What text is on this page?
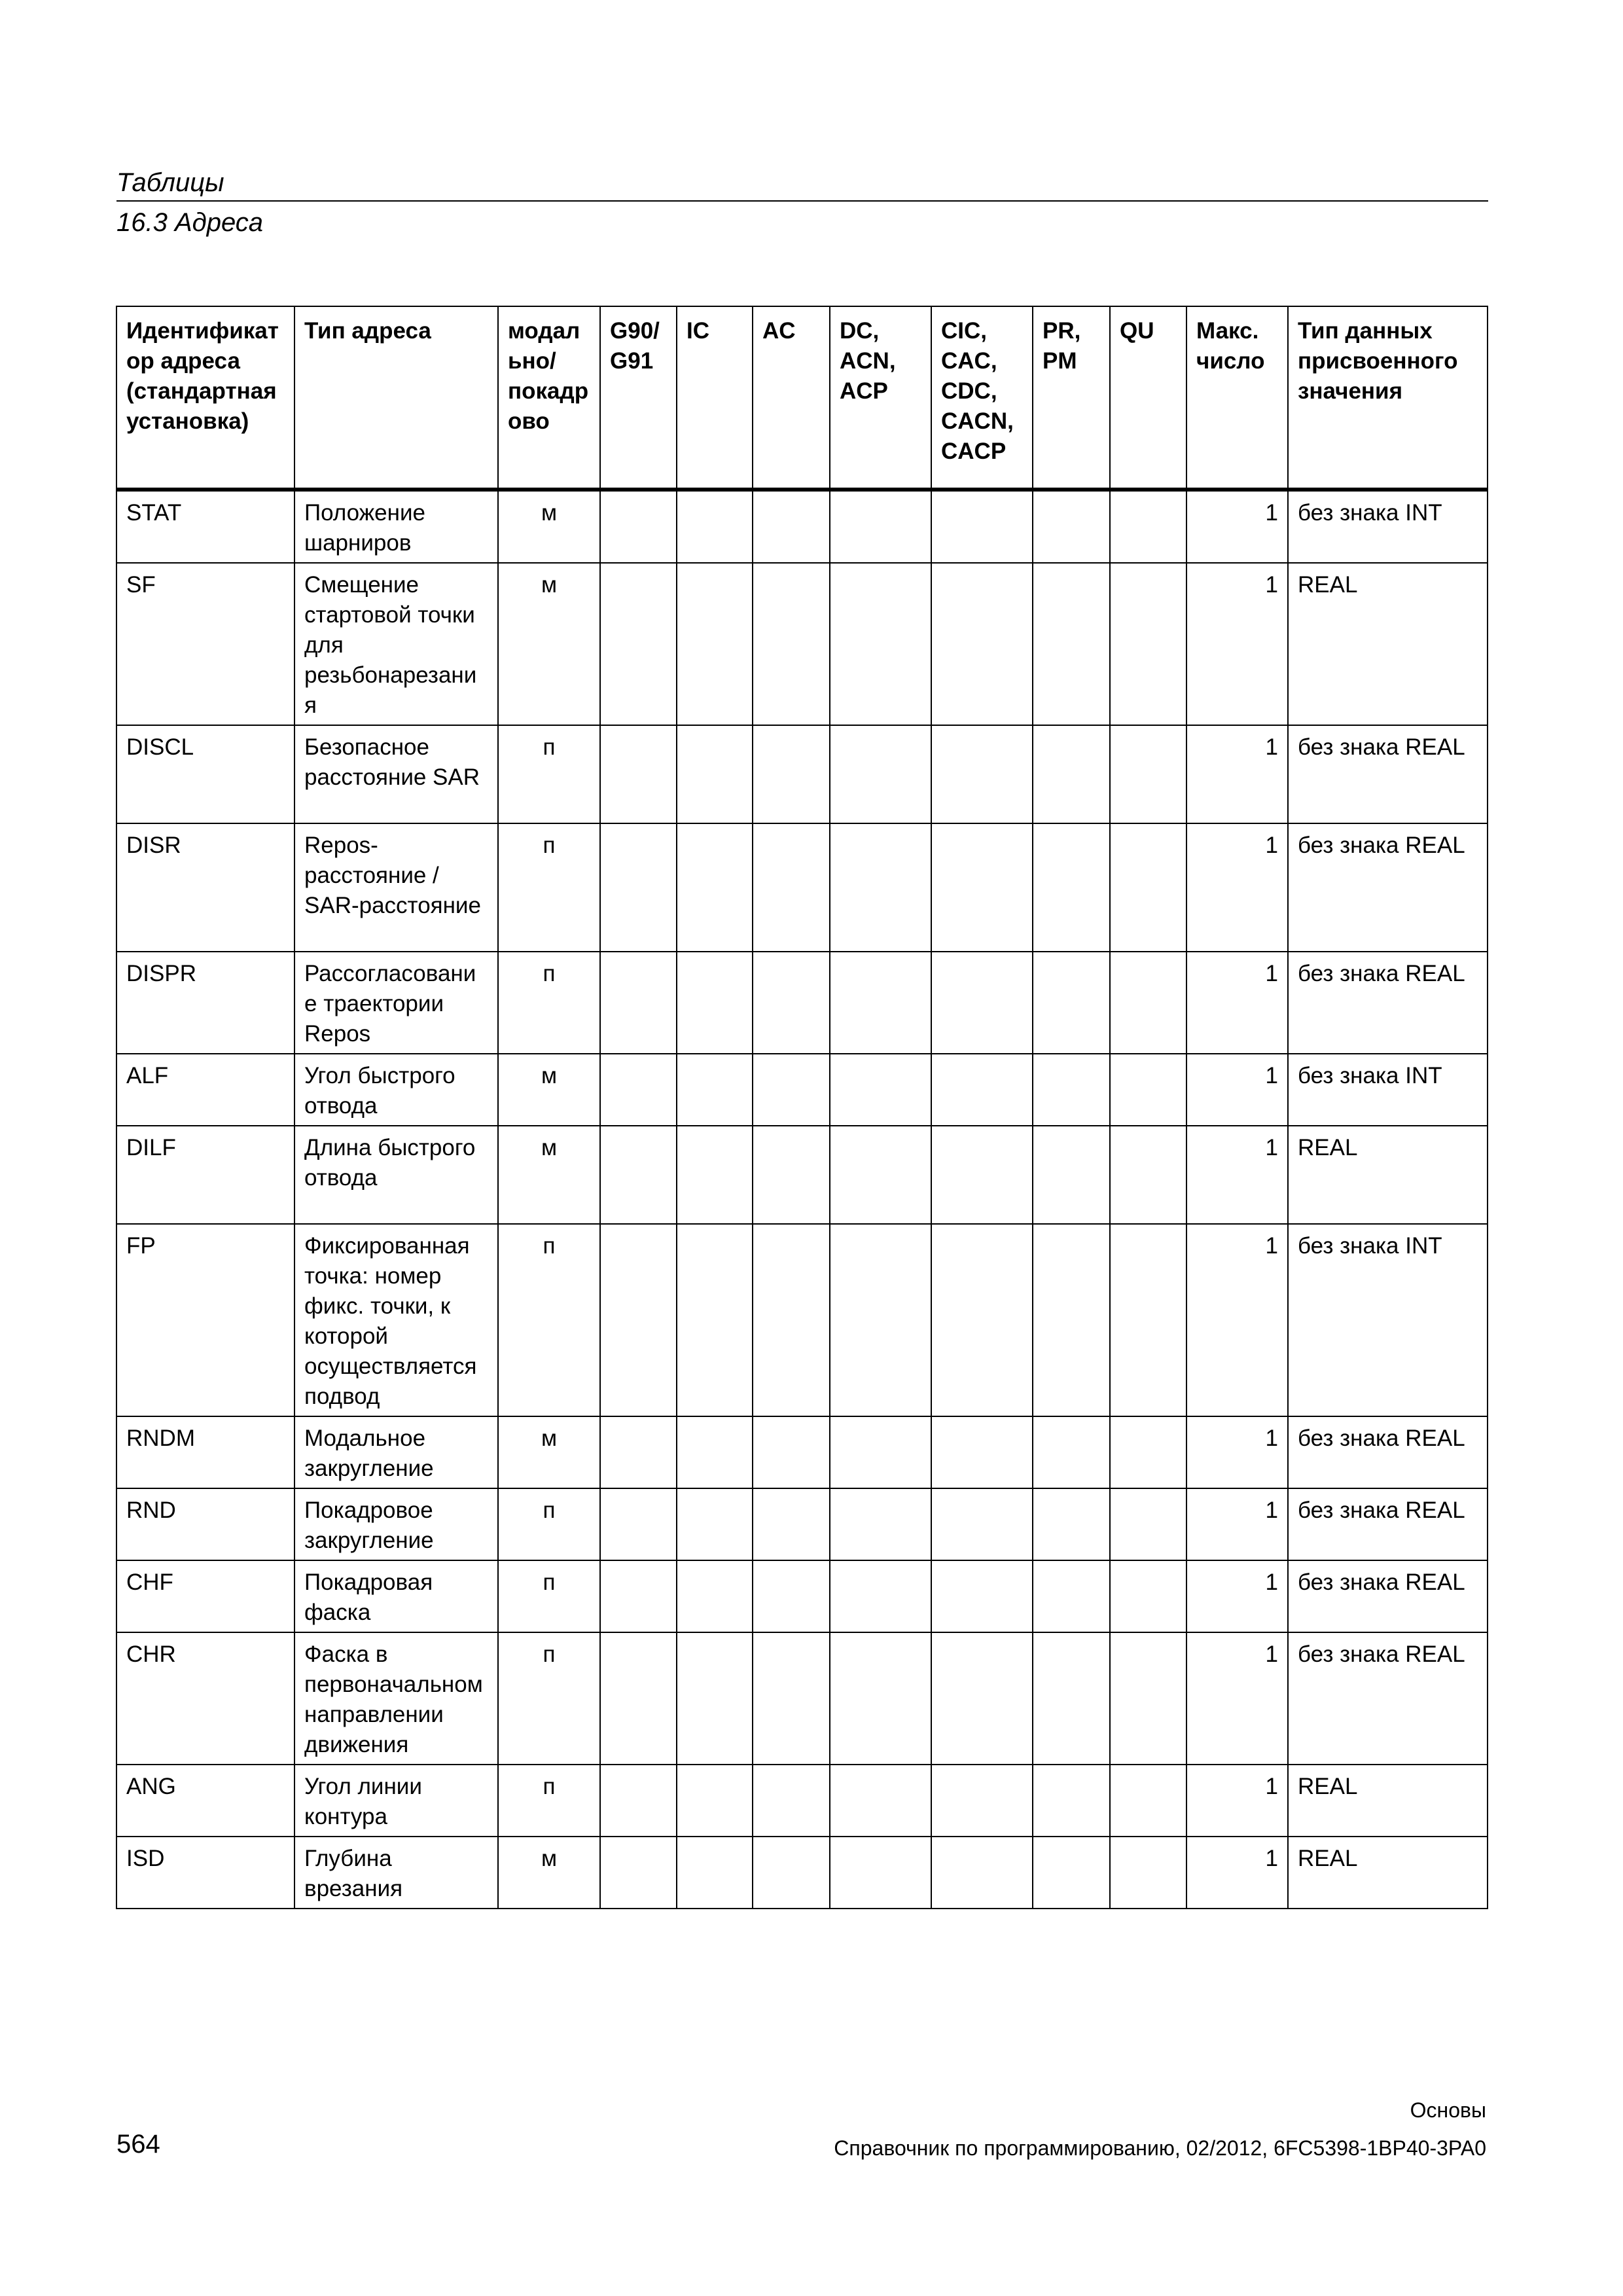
Таблицы
16.3 Адреса
Идентификатор адреса (стандартная установка)	Тип адреса	модально/покадрово	G90/ G91	IC	AC	DC, ACN, ACP	CIC, CAC, CDC, CACN, CACP	PR, PM	QU	Макс. число	Тип данных присвоенного значения
STAT	Положение шарниров	м								1	без знака INT
SF	Смещение стартовой точки для резьбонарезания	м								1	REAL
DISCL	Безопасное расстояние SAR	п								1	без знака REAL
DISR	Repos-расстояние / SAR-расстояние	п								1	без знака REAL
DISPR	Рассогласование траектории Repos	п								1	без знака REAL
ALF	Угол быстрого отвода	м								1	без знака INT
DILF	Длина быстрого отвода	м								1	REAL
FP	Фиксированная точка: номер фикс. точки, к которой осуществляется подвод	п								1	без знака INT
RNDM	Модальное закругление	м								1	без знака REAL
RND	Покадровое закругление	п								1	без знака REAL
CHF	Покадровая фаска	п								1	без знака REAL
CHR	Фаска в первоначальном направлении движения	п								1	без знака REAL
ANG	Угол линии контура	п								1	REAL
ISD	Глубина врезания	м								1	REAL
Основы
Справочник по программированию, 02/2012, 6FC5398-1BP40-3PA0
564
